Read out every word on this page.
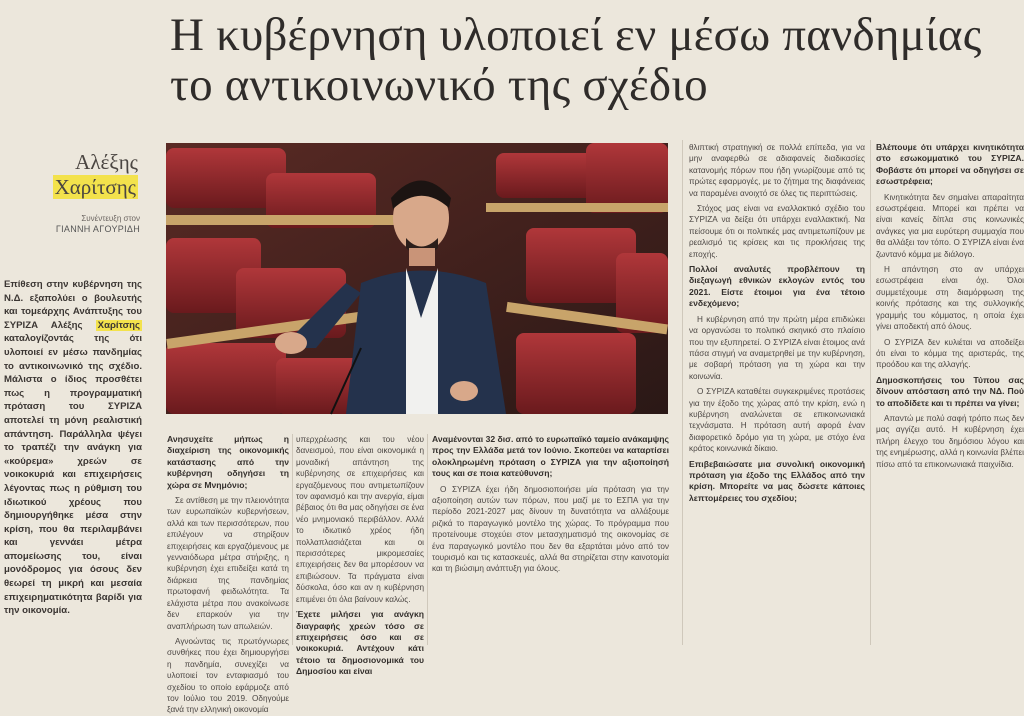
Η κυβέρνηση υλοποιεί εν μέσω πανδημίας
το αντικοινωνικό της σχέδιο
Αλέξης
Χαρίτσης
Συνέντευξη στον
ΓΙΑΝΝΗ ΑΓΟΥΡΙΔΗ
Επίθεση στην κυβέρνηση της Ν.Δ. εξαπολύει ο βουλευτής και τομεάρχης Ανάπτυξης του ΣΥΡΙΖΑ Αλέξης Χαρίτσης καταλογίζοντάς της ότι υλοποιεί εν μέσω πανδημίας το αντικοινωνικό της σχέδιο. Μάλιστα ο ίδιος προσθέτει πως η προγραμματική πρόταση του ΣΥΡΙΖΑ αποτελεί τη μόνη ρεαλιστική απάντηση. Παράλληλα ψέγει το τραπέζι την ανάγκη για «κούρεμα» χρεών σε νοικοκυριά και επιχειρήσεις λέγοντας πως η ρύθμιση του ιδιωτικού χρέους που δημιουργήθηκε μέσα στην κρίση, που θα περιλαμβάνει και γεννάει μέτρα απομείωσης του, είναι μονόδρομος για όσους δεν θεωρεί τη μικρή και μεσαία επιχειρηματικότητα βαρίδι για την οικονομία.

Ανησυχείτε μήπως η διαχείριση της οικονομικής κατάστασης από την κυβέρνηση οδηγήσει τη χώρα σε Μνημόνιο;

Σε αντίθεση με την πλειονότητα των ευρωπαϊκών κυβερνήσεων, αλλά και των περισσότερων, που επιλέγουν να στηρίξουν επιχειρήσεις και εργαζόμενους με γενναιόδωρα μέτρα στήριξης, η κυβέρνηση έχει επιδείξει κατά τη διάρκεια της πανδημίας πρωτοφανή φειδωλότητα. Τα ελάχιστα μέτρα που ανακοίνωσε δεν επαρκούν για την αναπλήρωση των απωλειών.

Αγνοώντας τις πρωτόγνωρες συνθήκες που έχει δημιουργήσει η πανδημία, συνεχίζει να υλοποιεί τον ενταφιασμό του σχεδίου το οποίο εφάρμοζε από τον Ιούλιο του 2019. Οδηγούμε ξανά την ελληνική οικονομία

υπερχρέωσης και του νέου δανεισμού, που είναι οικονομικά η μοναδική απάντηση της κυβέρνησης σε επιχειρήσεις και εργαζόμενους που αντιμετωπίζουν τον αφανισμό και την ανεργία, είμαι βέβαιος ότι θα μας οδηγήσει σε ένα νέο μνημονιακό περιβάλλον. Αλλά το ιδιωτικό χρέος ήδη πολλαπλασιάζεται και οι περισσότερες μικρομεσαίες επιχειρήσεις δεν θα μπορέσουν να επιβιώσουν. Τα πράγματα είναι δύσκολα, όσο και αν η κυβέρνηση επιμένει ότι όλα βαίνουν καλώς.

Έχετε μιλήσει για ανάγκη διαγραφής χρεών τόσο σε επιχειρήσεις όσο και σε νοικοκυριά. Αντέχουν κάτι τέτοιο τα δημοσιονομικά του Δημοσίου και είναι

Αναμένονται 32 δισ. από το ευρωπαϊκό ταμείο ανάκαμψης προς την Ελλάδα μετά τον Ιούνιο. Σκοπεύει να καταρτίσει ολοκληρωμένη πρόταση ο ΣΥΡΙΖΑ για την αξιοποίησή τους και σε ποια κατεύθυνση;

Ο ΣΥΡΙΖΑ έχει ήδη δημοσιοποιήσει μία πρόταση για την αξιοποίηση αυτών των πόρων, που μαζί με το ΕΣΠΑ για την περίοδο 2021-2027 μας δίνουν τη δυνατότητα να αλλάξουμε ριζικά το παραγωγικό μοντέλο της χώρας. Το πρόγραμμα που προτείνουμε στοχεύει στον μετασχηματισμό της οικονομίας σε ένα παραγωγικό μοντέλο που δεν θα εξαρτάται μόνο από τον τουρισμό και τις κατασκευές, αλλά θα στηρίζεται στην καινοτομία και τη βιώσιμη ανάπτυξη για όλους.

θλιπτική στρατηγική σε πολλά επίπεδα, για να μην αναφερθώ σε αδιαφανείς διαδικασίες κατανομής πόρων που ήδη γνωρίζουμε από τις πρώτες εφαρμογές, με το ζήτημα της διαφάνειας να παραμένει ανοιχτό σε όλες τις περιπτώσεις.

Στόχος μας είναι να εναλλακτικό σχέδιο του ΣΥΡΙΖΑ να δείξει ότι υπάρχει εναλλακτική. Να πείσουμε ότι οι πολιτικές μας αντιμετωπίζουν με ρεαλισμό τις κρίσεις και τις προκλήσεις της εποχής.

Πολλοί αναλυτές προβλέπουν τη διεξαγωγή εθνικών εκλογών εντός του 2021. Είστε έτοιμοι για ένα τέτοιο ενδεχόμενο;

Η κυβέρνηση από την πρώτη μέρα επιδιώκει να οργανώσει το πολιτικό σκηνικό στο πλαίσιο που την εξυπηρετεί. Ο ΣΥΡΙΖΑ είναι έτοιμος ανά πάσα στιγμή να αναμετρηθεί με την κυβέρνηση, με σοβαρή πρόταση για τη χώρα και την κοινωνία.

Ο ΣΥΡΙΖΑ καταθέτει συγκεκριμένες προτάσεις για την έξοδο της χώρας από την κρίση, ενώ η κυβέρνηση αναλώνεται σε επικοινωνιακά τεχνάσματα. Η πρόταση αυτή αφορά έναν διαφορετικό δρόμο για τη χώρα, με στόχο ένα κράτος κοινωνικά δίκαιο.

Επιβεβαιώσατε μια συνολική οικονομική πρόταση για έξοδο της Ελλάδος από την κρίση. Μπορείτε να μας δώσετε κάποιες λεπτομέρειες του σχεδίου;

Βλέπουμε ότι υπάρχει κινητικότητα στο εσωκομματικό του ΣΥΡΙΖΑ. Φοβάστε ότι μπορεί να οδηγήσει σε εσωστρέφεια;

Κινητικότητα δεν σημαίνει απαραίτητα εσωστρέφεια. Μπορεί και πρέπει να είναι κανείς δίπλα στις κοινωνικές ανάγκες για μια ευρύτερη συμμαχία που θα αλλάξει τον τόπο. Ο ΣΥΡΙΖΑ είναι ένα ζωντανό κόμμα με διάλογο.

Η απάντηση στο αν υπάρχει εσωστρέφεια είναι όχι. Όλοι συμμετέχουμε στη διαμόρφωση της κοινής πρότασης και της συλλογικής γραμμής του κόμματος, η οποία έχει γίνει αποδεκτή από όλους.

Ο ΣΥΡΙΖΑ δεν κυλιέται να αποδείξει ότι είναι το κόμμα της αριστεράς, της προόδου και της αλλαγής.

Δημοσκοπήσεις του Τύπου σας δίνουν απόσταση από την ΝΔ. Πού το αποδίδετε και τι πρέπει να γίνει;

Απαντώ με πολύ σαφή τρόπο πως δεν μας αγγίζει αυτό. Η κυβέρνηση έχει πλήρη έλεγχο του δημόσιου λόγου και της ενημέρωσης, αλλά η κοινωνία βλέπει πίσω από τα επικοινωνιακά παιχνίδια.
